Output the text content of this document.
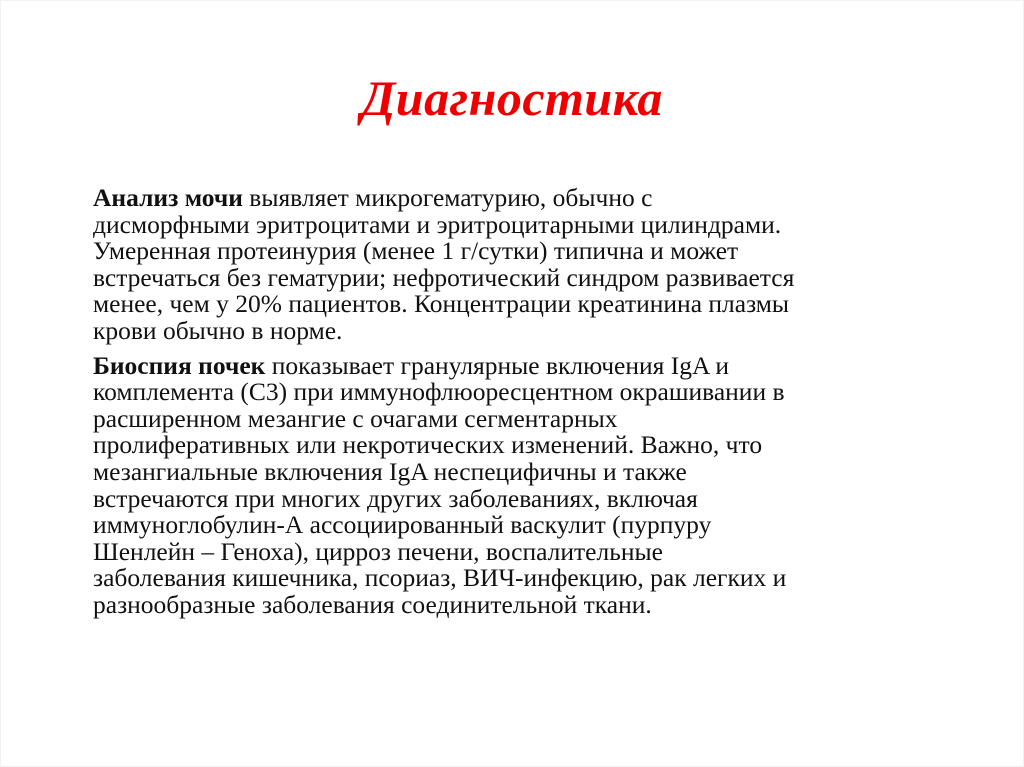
Диагностика

Анализ мочи выявляет микрогематурию, обычно с
дисморфными эритроцитами и эритроцитарными цилиндрами.
Умеренная протеинурия (менее 1 г/сутки) типична и может
встречаться без гематурии; нефротический синдром развивается
менее, чем у 20% пациентов. Концентрации креатинина плазмы
крови обычно в норме.

Биоспия почек показывает гранулярные включения IgA и
комплемента (С3) при иммунофлюоресцентном окрашивании в
расширенном мезангие с очагами сегментарных
пролиферативных или некротических изменений. Важно, что
мезангиальные включения IgA неспецифичны и также
встречаются при многих других заболеваниях, включая
иммуноглобулин-А ассоциированный васкулит (пурпуру
Шенлейн – Геноха), цирроз печени, воспалительные
заболевания кишечника, псориаз, ВИЧ-инфекцию, рак легких и
разнообразные заболевания соединительной ткани.
